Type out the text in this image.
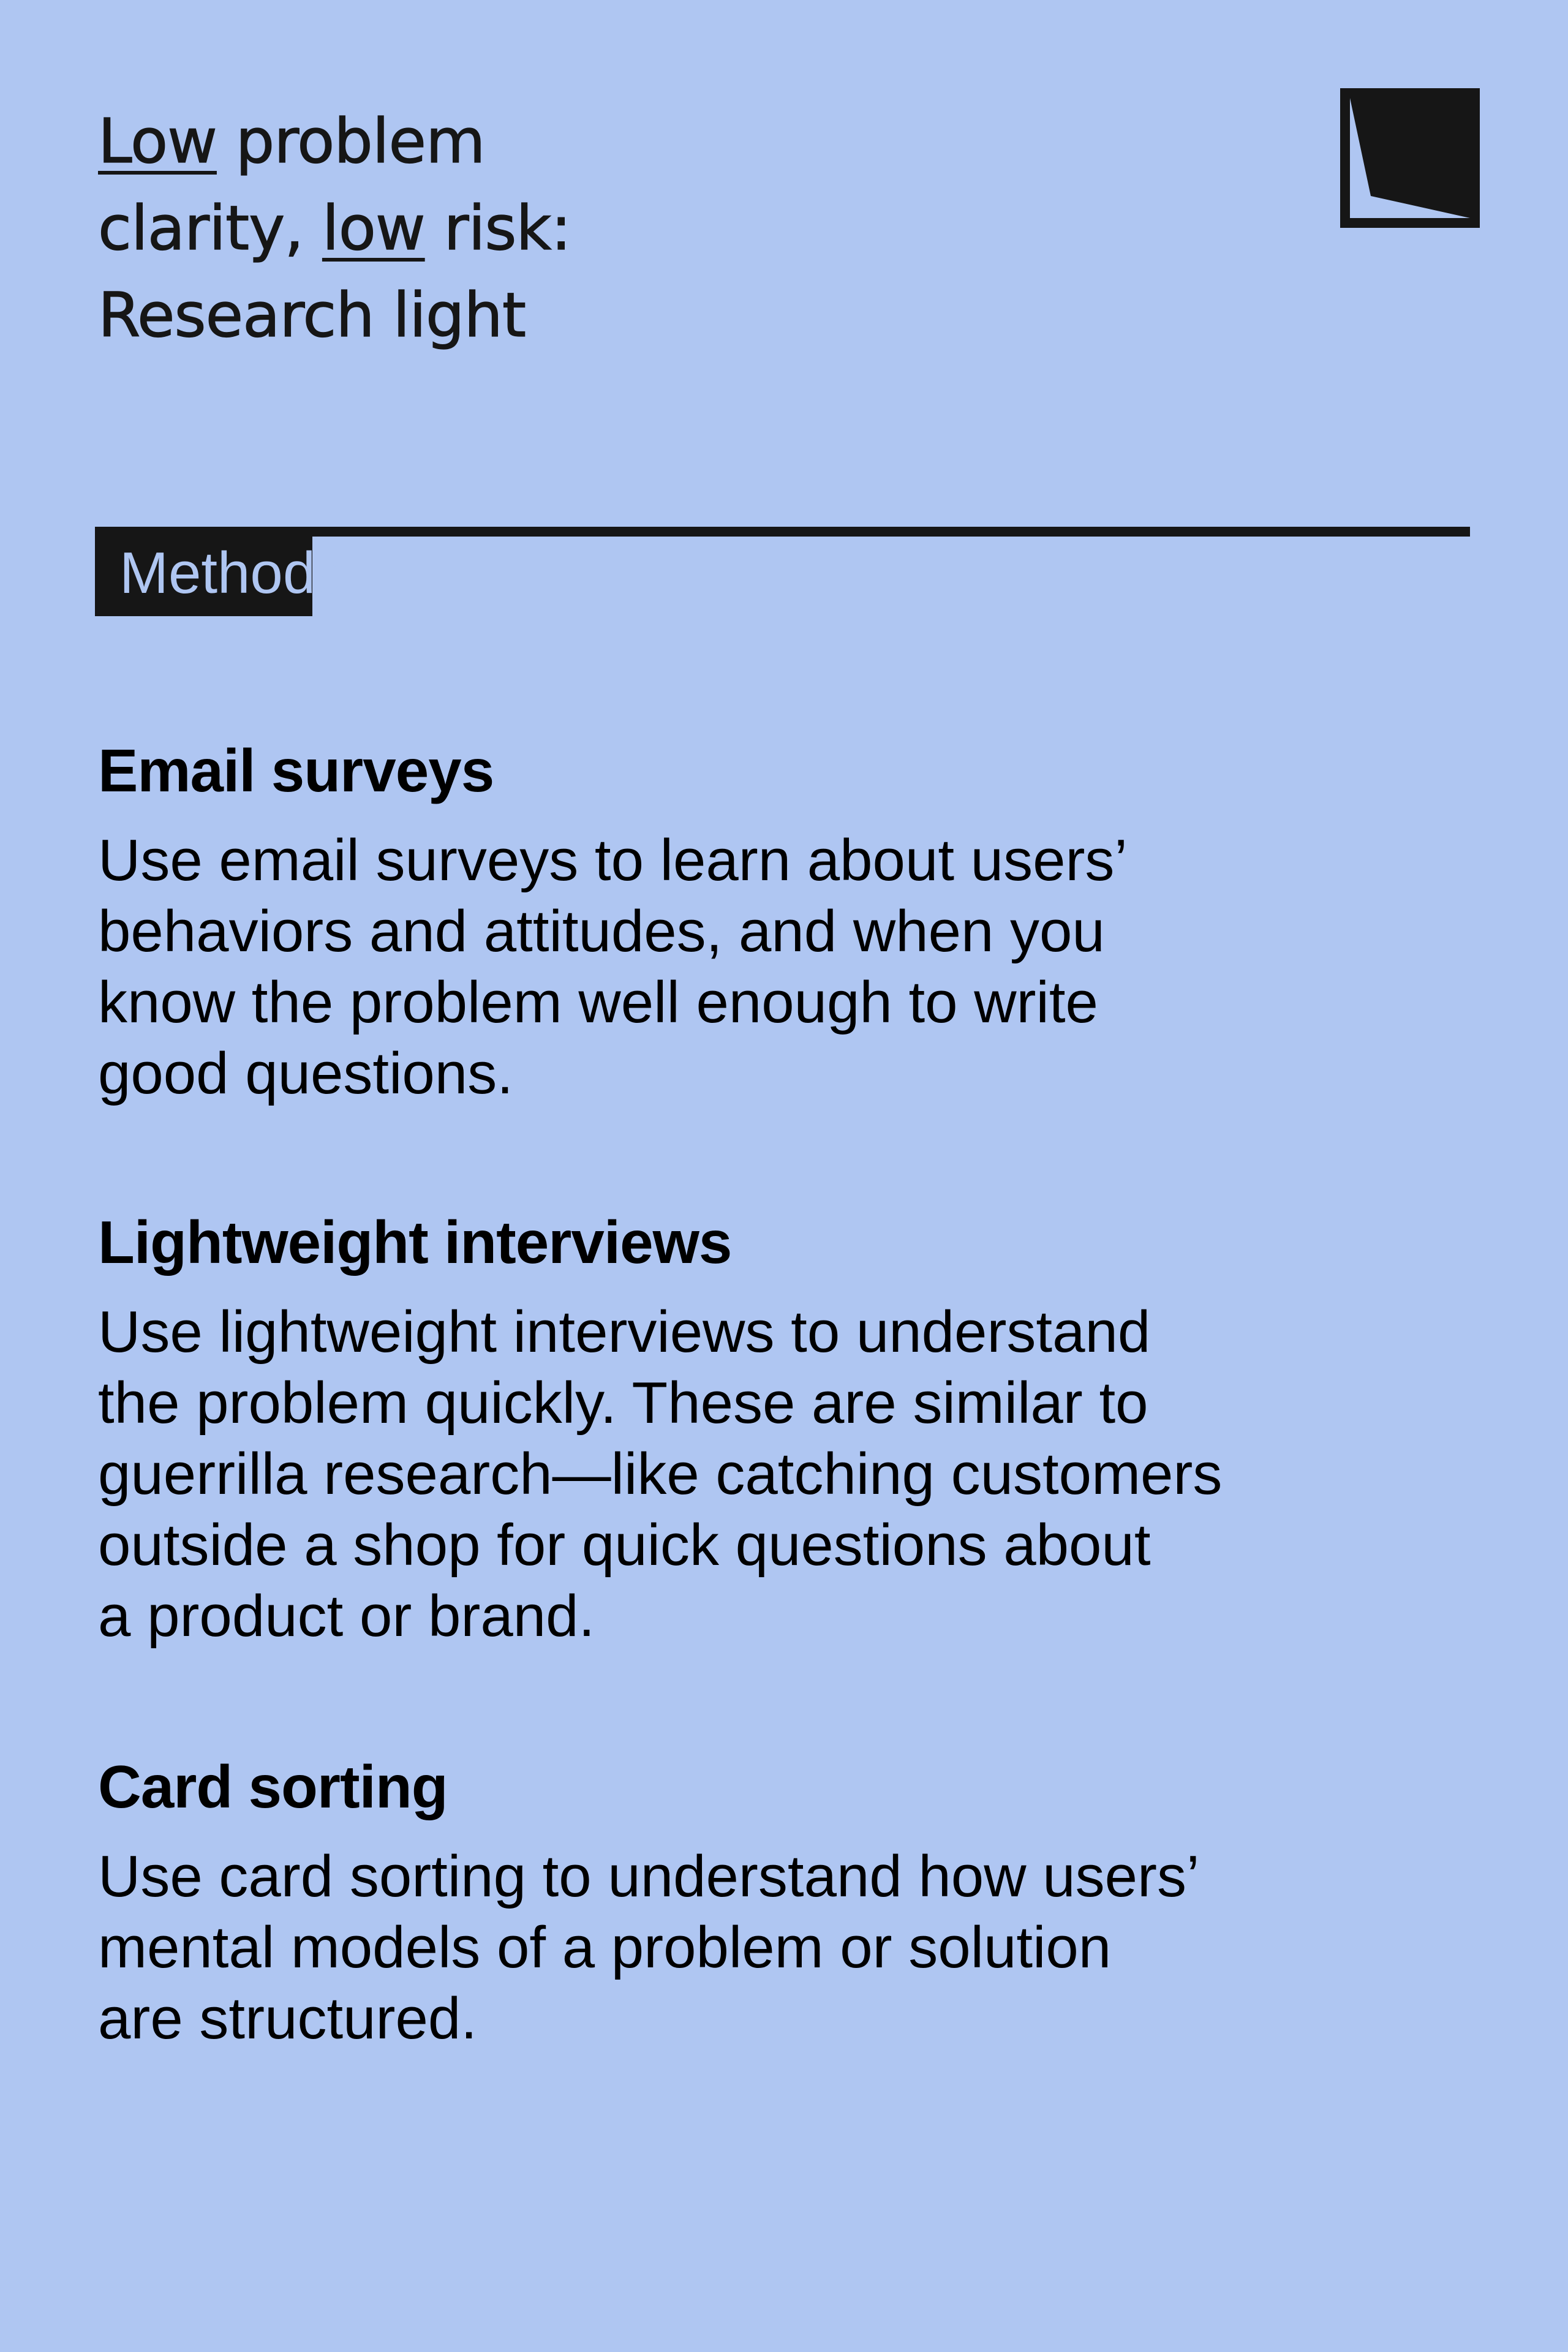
Low problem
clarity, low risk:
Research light
Methods
Email surveys

Use email surveys to learn about users’
behaviors and attitudes, and when you
know the problem well enough to write
good questions.

Lightweight interviews

Use lightweight interviews to understand
the problem quickly. These are similar to
guerrilla research—like catching customers
outside a shop for quick questions about
a product or brand.

Card sorting

Use card sorting to understand how users’
mental models of a problem or solution
are structured.
